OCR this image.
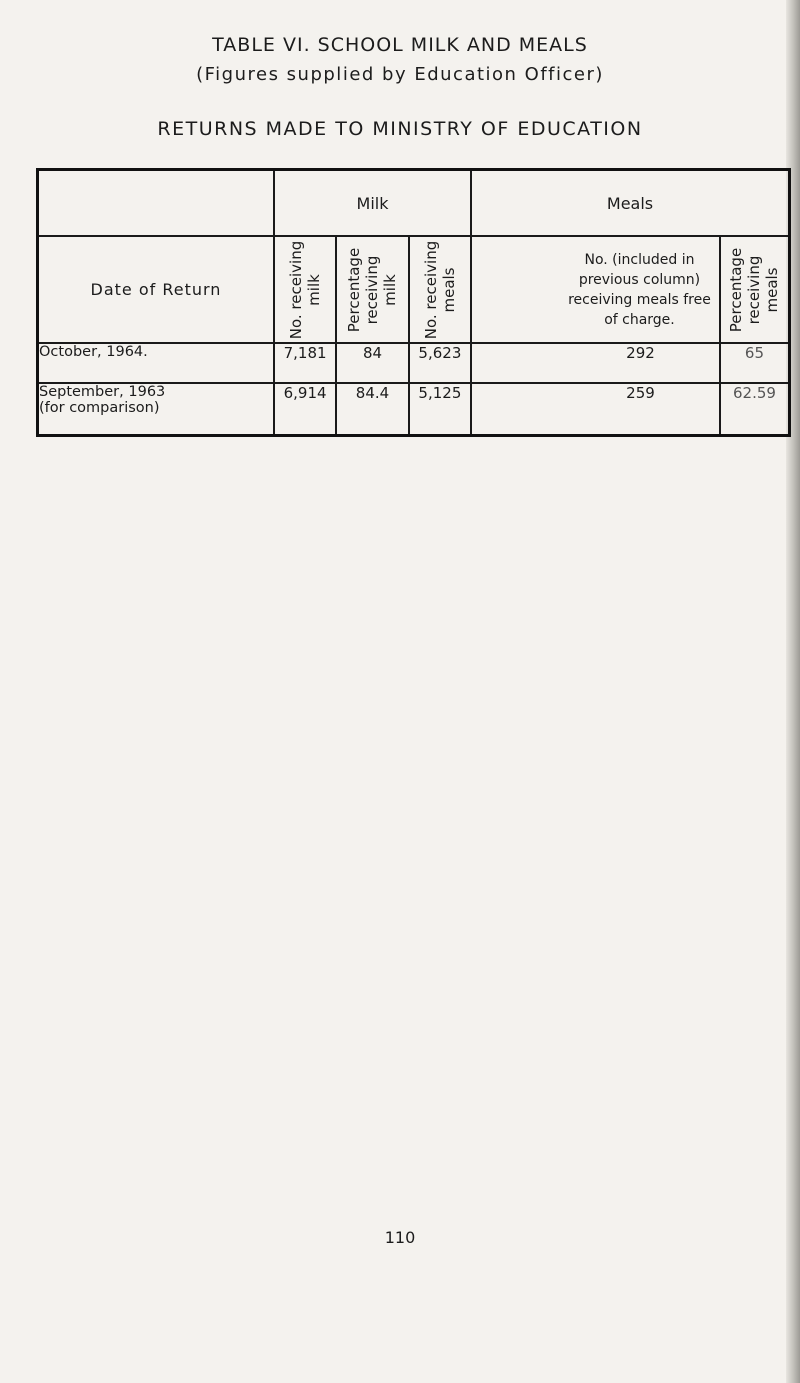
TABLE VI. SCHOOL MILK AND MEALS
(Figures supplied by Education Officer)
RETURNS MADE TO MINISTRY OF EDUCATION
	Milk			Meals	
Date of Return	No. receiving milk	Percentage receiving milk	No. receiving meals	No. (included in previous column) receiving meals free of charge.	Percentage receiving meals

October, 1964.	7,181	84	5,623	292	65

September, 1963
(for comparison)	6,914	84.4	5,125	259	62.59
110
